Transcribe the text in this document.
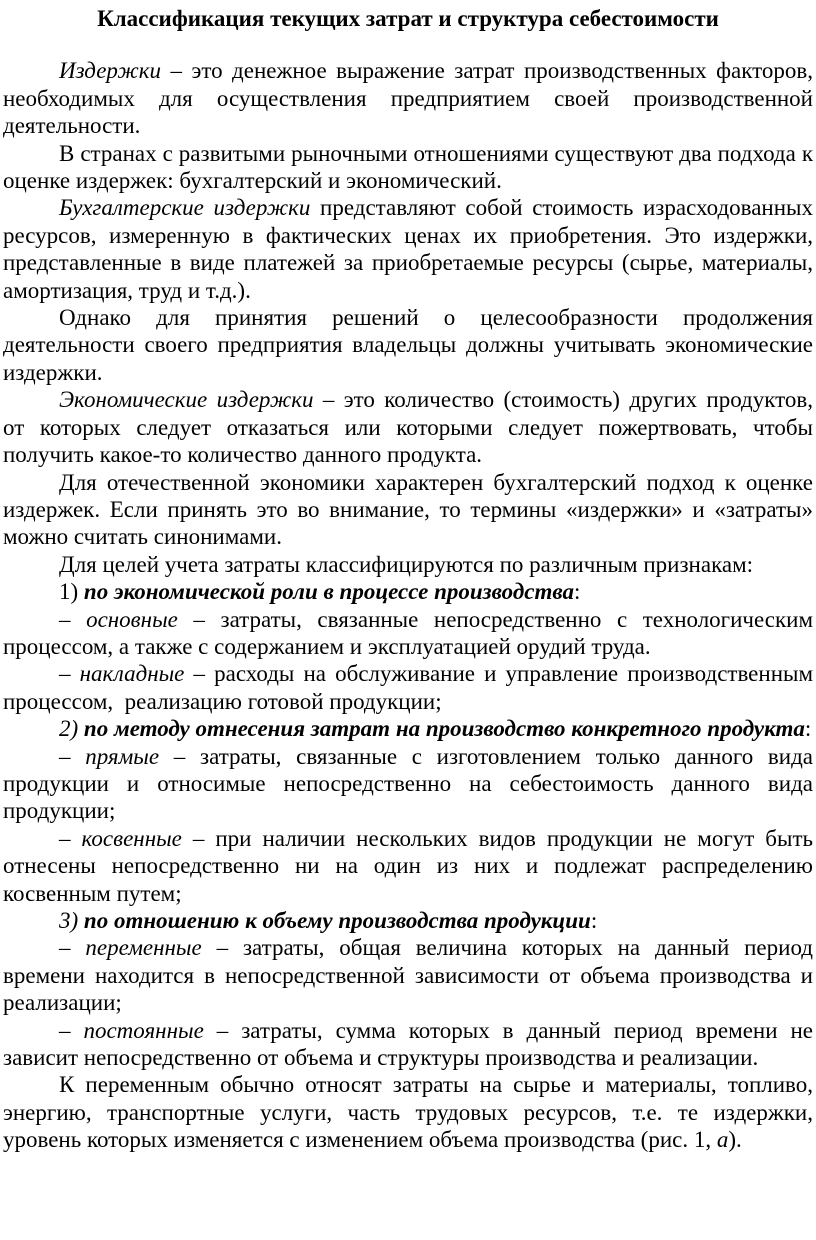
Классификация текущих затрат и структура себестоимости

Издержки – это денежное выражение затрат производственных факторов, необходимых для осуществления предприятием своей производственной деятельности.

В странах с развитыми рыночными отношениями существуют два подхода к оценке издержек: бухгалтерский и экономический.

Бухгалтерские издержки представляют собой стоимость израсходованных ресурсов, измеренную в фактических ценах их приобретения. Это издержки, представленные в виде платежей за приобретаемые ресурсы (сырье, материалы, амортизация, труд и т.д.).

Однако для принятия решений о целесообразности продолжения деятельности своего предприятия владельцы должны учитывать экономические издержки.

Экономические издержки – это количество (стоимость) других продуктов, от которых следует отказаться или которыми следует пожертвовать, чтобы получить какое-то количество данного продукта.

Для отечественной экономики характерен бухгалтерский подход к оценке издержек. Если принять это во внимание, то термины «издержки» и «затраты» можно считать синонимами.

Для целей учета затраты классифицируются по различным признакам:

1) по экономической роли в процессе производства:

– основные – затраты, связанные непосредственно с технологическим процессом, а также с содержанием и эксплуатацией орудий труда.

– накладные – расходы на обслуживание и управление производственным процессом,  реализацию готовой продукции;

2) по методу отнесения затрат на производство конкретного продукта:

– прямые – затраты, связанные с изготовлением только данного вида продукции и относимые непосредственно на себестоимость данного вида продукции;

– косвенные – при наличии нескольких видов продукции не могут быть отнесены непосредственно ни на один из них и подлежат распределению косвенным путем;

3) по отношению к объему производства продукции:

– переменные – затраты, общая величина которых на данный период времени находится в непосредственной зависимости от объема производства и реализации;

– постоянные – затраты, сумма которых в данный период времени не зависит непосредственно от объема и структуры производства и реализации.

К переменным обычно относят затраты на сырье и материалы, топливо, энергию, транспортные услуги, часть трудовых ресурсов, т.е. те издержки, уровень которых изменяется с изменением объема производства (рис. 1, а).
